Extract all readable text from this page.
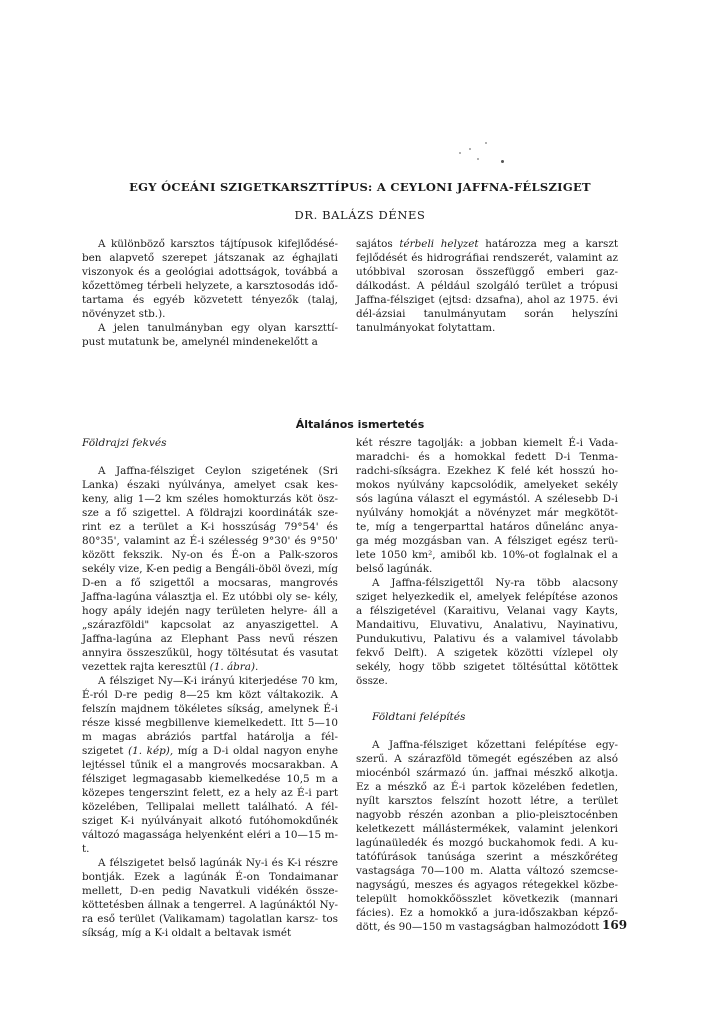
EGY ÓCEÁNI SZIGETKARSZTTÍPUS: A CEYLONI JAFFNA-FÉLSZIGET
DR. BALÁZS DÉNES

A különböző karsztos tájtípusok kifejlődésé- ben alapvető szerepet játszanak az éghajlati viszonyok és a geológiai adottságok, továbbá a kőzettömeg térbeli helyzete, a karsztosodás idő- tartama és egyéb közvetett tényezők (talaj, növényzet stb.).

A jelen tanulmányban egy olyan karszttí- pust mutatunk be, amelynél mindenekelőtt a

sajátos térbeli helyzet határozza meg a karszt fejlődését és hidrográfiai rendszerét, valamint az utóbbival szorosan összefüggő emberi gaz- dálkodást. A például szolgáló terület a trópusi Jaffna-félsziget (ejtsd: dzsafna), ahol az 1975. évi dél-ázsiai tanulmányutam során helyszíni tanulmányokat folytattam.

Általános ismertetés

Földrajzi fekvés

A Jaffna-félsziget Ceylon szigetének (Sri Lanka) északi nyúlványa, amelyet csak kes- keny, alig 1—2 km széles homokturzás köt ösz- sze a fő szigettel. A földrajzi koordináták sze- rint ez a terület a K-i hosszúság 79°54' és 80°35', valamint az É-i szélesség 9°30' és 9°50' között fekszik. Ny-on és É-on a Palk-szoros sekély vize, K-en pedig a Bengáli-öböl övezi, míg D-en a fő szigettől a mocsaras, mangrovés Jaffna-lagúna választja el. Ez utóbbi oly se- kély, hogy apály idején nagy területen helyre- áll a „szárazföldi" kapcsolat az anyaszigettel. A Jaffna-lagúna az Elephant Pass nevű részen annyira összeszűkül, hogy töltésutat és vasutat vezettek rajta keresztül (1. ábra).

A félsziget Ny—K-i irányú kiterjedése 70 km, É-ról D-re pedig 8—25 km közt váltakozik. A felszín majdnem tökéletes síkság, amelynek É-i része kissé megbillenve kiemelkedett. Itt 5—10 m magas abráziós partfal határolja a fél- szigetet (1. kép), míg a D-i oldal nagyon enyhe lejtéssel tűnik el a mangrovés mocsarakban. A félsziget legmagasabb kiemelkedése 10,5 m a közepes tengerszint felett, ez a hely az É-i part közelében, Tellipalai mellett található. A fél- sziget K-i nyúlványait alkotó futóhomokdűnék változó magassága helyenként eléri a 10—15 m-t.

A félszigetet belső lagúnák Ny-i és K-i részre bontják. Ezek a lagúnák É-on Tondaimanar mellett, D-en pedig Navatkuli vidékén össze- köttetésben állnak a tengerrel. A lagúnáktól Ny-ra eső terület (Valikamam) tagolatlan karsz- tos síkság, míg a K-i oldalt a beltavak ismét

két részre tagolják: a jobban kiemelt É-i Vada- maradchi- és a homokkal fedett D-i Tenma- radchi-síkságra. Ezekhez K felé két hosszú ho- mokos nyúlvány kapcsolódik, amelyeket sekély sós lagúna választ el egymástól. A szélesebb D-i nyúlvány homokját a növényzet már megkötöt- te, míg a tengerparttal határos dűnelánc anya- ga még mozgásban van. A félsziget egész terü- lete 1050 km², amiből kb. 10%-ot foglalnak el a belső lagúnák.

A Jaffna-félszigettől Ny-ra több alacsony sziget helyezkedik el, amelyek felépítése azonos a félszigetével (Karaitivu, Velanai vagy Kayts, Mandaitivu, Eluvativu, Analativu, Nayinativu, Pundukutivu, Palativu és a valamivel távolabb fekvő Delft). A szigetek közötti vízlepel oly sekély, hogy több szigetet töltésúttal kötöttek össze.

Földtani felépítés

A Jaffna-félsziget kőzettani felépítése egy- szerű. A szárazföld tömegét egészében az alsó miocénból származó ún. jaffnai mészkő alkotja. Ez a mészkő az É-i partok közelében fedetlen, nyílt karsztos felszínt hozott létre, a terület nagyobb részén azonban a plio-pleisztocénben keletkezett mállástermékek, valamint jelenkori lagúnaüledék és mozgó buckahomok fedi. A ku- tatófúrások tanúsága szerint a mészkőréteg vastagsága 70—100 m. Alatta változó szemcse- nagyságú, meszes és agyagos rétegekkel közbe- települt homokkőösszlet következik (mannari fácies). Ez a homokkő a jura-időszakban képző- dött, és 90—150 m vastagságban halmozódott 169
